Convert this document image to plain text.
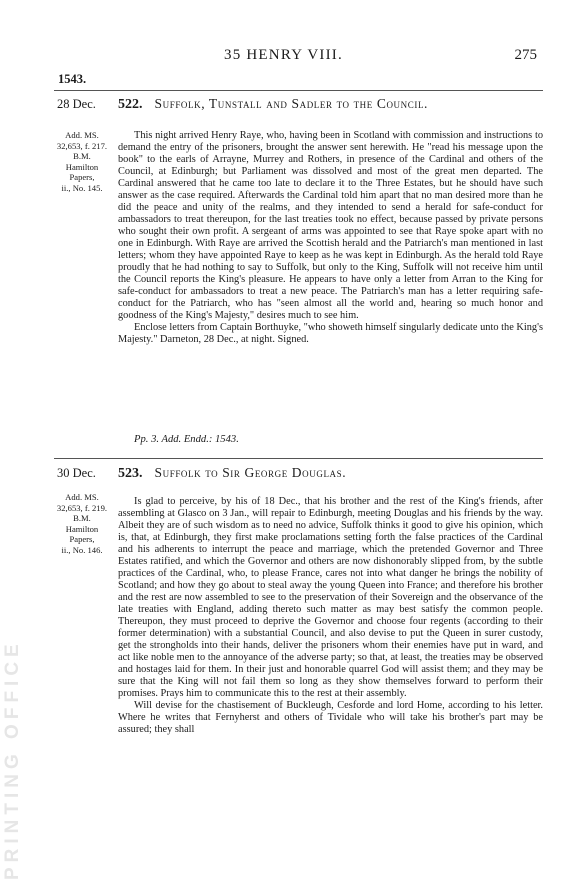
35 HENRY VIII.	275
1543.
28 Dec. 522. Suffolk, Tunstall and Sadler to the Council.
Add. MS.
32,653, f. 217.
B.M.
Hamilton
Papers,
ii., No. 145.

This night arrived Henry Raye, who, having been in Scotland with commission and instructions to demand the entry of the prisoners, brought the answer sent herewith. He "read his message upon the book" to the earls of Arrayne, Murrey and Rothers, in presence of the Cardinal and others of the Council, at Edinburgh; but Parliament was dissolved and most of the great men departed. The Cardinal answered that he came too late to declare it to the Three Estates, but he should have such answer as the case required. Afterwards the Cardinal told him apart that no man desired more than he did the peace and unity of the realms, and they intended to send a herald for safe-conduct for ambassadors to treat thereupon, for the last treaties took no effect, because passed by private persons who sought their own profit. A sergeant of arms was appointed to see that Raye spoke apart with no one in Edinburgh. With Raye are arrived the Scottish herald and the Patriarch's man mentioned in last letters; whom they have appointed Raye to keep as he was kept in Edinburgh. As the herald told Raye proudly that he had nothing to say to Suffolk, but only to the King, Suffolk will not receive him until the Council reports the King's pleasure. He appears to have only a letter from Arran to the King for safe-conduct for ambassadors to treat a new peace. The Patriarch's man has a letter requiring safe-conduct for the Patriarch, who has "seen almost all the world and, hearing so much honor and goodness of the King's Majesty," desires much to see him.

Enclose letters from Captain Borthuyke, "who showeth himself singularly dedicate unto the King's Majesty." Darneton, 28 Dec., at night. Signed.

Pp. 3. Add. Endd.: 1543.
30 Dec. 523. Suffolk to Sir George Douglas.
Add. MS.
32,653, f. 219.
B.M.
Hamilton
Papers,
ii., No. 146.

Is glad to perceive, by his of 18 Dec., that his brother and the rest of the King's friends, after assembling at Glasco on 3 Jan., will repair to Edinburgh, meeting Douglas and his friends by the way. Albeit they are of such wisdom as to need no advice, Suffolk thinks it good to give his opinion, which is, that, at Edinburgh, they first make proclamations setting forth the false practices of the Cardinal and his adherents to interrupt the peace and marriage, which the pretended Governor and Three Estates ratified, and which the Governor and others are now dishonorably slipped from, by the subtle practices of the Cardinal, who, to please France, cares not into what danger he brings the nobility of Scotland; and how they go about to steal away the young Queen into France; and therefore his brother and the rest are now assembled to see to the preservation of their Sovereign and the observance of the late treaties with England, adding thereto such matter as may best satisfy the common people. Thereupon, they must proceed to deprive the Governor and choose four regents (according to their former determination) with a substantial Council, and also devise to put the Queen in surer custody, get the strongholds into their hands, deliver the prisoners whom their enemies have put in ward, and act like noble men to the annoyance of the adverse party; so that, at least, the treaties may be observed and hostages laid for them. In their just and honorable quarrel God will assist them; and they may be sure that the King will not fail them so long as they show themselves forward to perform their promises. Prays him to communicate this to the rest at their assembly.

Will devise for the chastisement of Buckleugh, Cesforde and lord Home, according to his letter. Where he writes that Fernyherst and others of Tividale who will take his brother's part may be assured; they shall

PRINTING OFFICE
